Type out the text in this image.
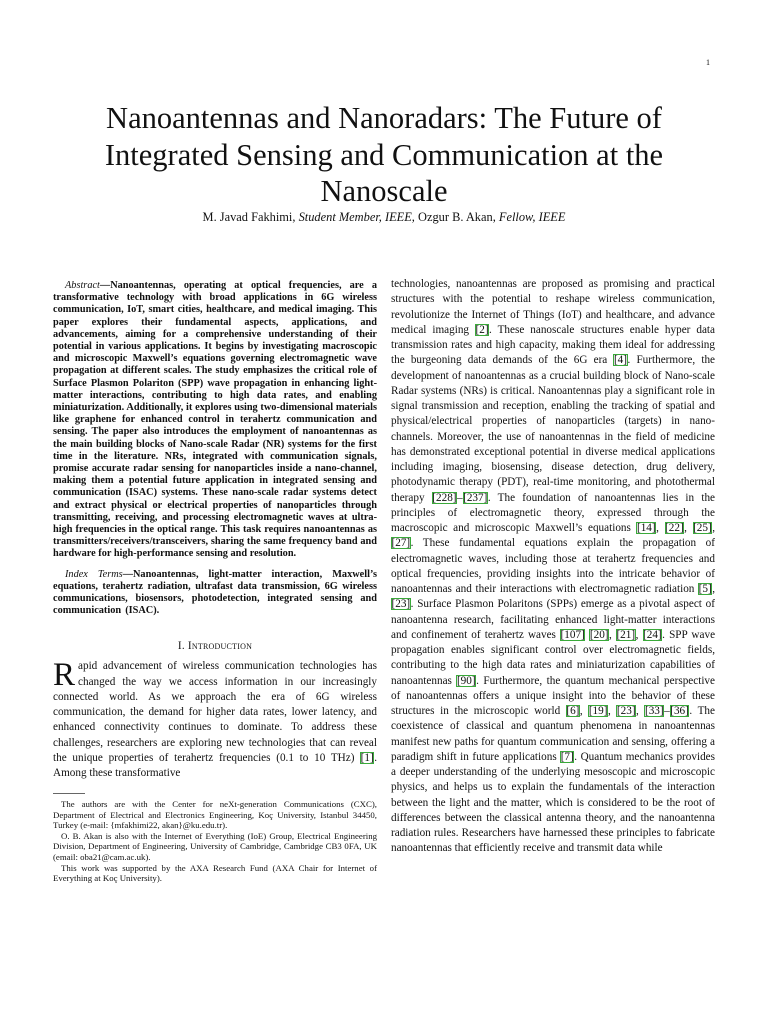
1
Nanoantennas and Nanoradars: The Future of Integrated Sensing and Communication at the Nanoscale
M. Javad Fakhimi, Student Member, IEEE, Ozgur B. Akan, Fellow, IEEE

Abstract—Nanoantennas, operating at optical frequencies, are a transformative technology with broad applications in 6G wireless communication, IoT, smart cities, healthcare, and medical imaging. This paper explores their fundamental aspects, applications, and advancements, aiming for a comprehensive understanding of their potential in various applications. It begins by investigating macroscopic and microscopic Maxwell’s equations governing electromagnetic wave propagation at different scales. The study emphasizes the critical role of Surface Plasmon Polariton (SPP) wave propagation in enhancing light-matter interactions, contributing to high data rates, and enabling miniaturization. Additionally, it explores using two-dimensional materials like graphene for enhanced control in terahertz communication and sensing. The paper also introduces the employment of nanoantennas as the main building blocks of Nano-scale Radar (NR) systems for the first time in the literature. NRs, integrated with communication signals, promise accurate radar sensing for nanoparticles inside a nano-channel, making them a potential future application in integrated sensing and communication (ISAC) systems. These nano-scale radar systems detect and extract physical or electrical properties of nanoparticles through transmitting, receiving, and processing electromagnetic waves at ultra-high frequencies in the optical range. This task requires nanoantennas as transmitters/receivers/transceivers, sharing the same frequency band and hardware for high-performance sensing and resolution.

Index Terms—Nanoantennas, light-matter interaction, Maxwell’s equations, terahertz radiation, ultrafast data transmission, 6G wireless communications, biosensors, photodetection, integrated sensing and communication (ISAC).

I. Introduction

Rapid advancement of wireless communication technologies has changed the way we access information in our increasingly connected world. As we approach the era of 6G wireless communication, the demand for higher data rates, lower latency, and enhanced connectivity continues to dominate. To address these challenges, researchers are exploring new technologies that can reveal the unique properties of terahertz frequencies (0.1 to 10 THz) [1]. Among these transformative

The authors are with the Center for neXt-generation Communications (CXC), Department of Electrical and Electronics Engineering, Koç University, Istanbul 34450, Turkey (e-mail: {mfakhimi22, akan}@ku.edu.tr).

O. B. Akan is also with the Internet of Everything (IoE) Group, Electrical Engineering Division, Department of Engineering, University of Cambridge, Cambridge CB3 0FA, UK (email: oba21@cam.ac.uk).

This work was supported by the AXA Research Fund (AXA Chair for Internet of Everything at Koç University).

technologies, nanoantennas are proposed as promising and practical structures with the potential to reshape wireless communication, revolutionize the Internet of Things (IoT) and healthcare, and advance medical imaging [2]. These nanoscale structures enable hyper data transmission rates and high capacity, making them ideal for addressing the burgeoning data demands of the 6G era [4]. Furthermore, the development of nanoantennas as a crucial building block of Nano-scale Radar systems (NRs) is critical. Nanoantennas play a significant role in signal transmission and reception, enabling the tracking of spatial and physical/electrical properties of nanoparticles (targets) in nano-channels. Moreover, the use of nanoantennas in the field of medicine has demonstrated exceptional potential in diverse medical applications including imaging, biosensing, disease detection, drug delivery, photodynamic therapy (PDT), real-time monitoring, and photothermal therapy [228]–[237]. The foundation of nanoantennas lies in the principles of electromagnetic theory, expressed through the macroscopic and microscopic Maxwell’s equations [14], [22], [25], [27]. These fundamental equations explain the propagation of electromagnetic waves, including those at terahertz frequencies and optical frequencies, providing insights into the intricate behavior of nanoantennas and their interactions with electromagnetic radiation [5], [23]. Surface Plasmon Polaritons (SPPs) emerge as a pivotal aspect of nanoantenna research, facilitating enhanced light-matter interactions and confinement of terahertz waves [107] [20], [21], [24]. SPP wave propagation enables significant control over electromagnetic fields, contributing to the high data rates and miniaturization capabilities of nanoantennas [90]. Furthermore, the quantum mechanical perspective of nanoantennas offers a unique insight into the behavior of these structures in the microscopic world [6], [19], [23], [33]–[36]. The coexistence of classical and quantum phenomena in nanoantennas manifest new paths for quantum communication and sensing, offering a paradigm shift in future applications [7]. Quantum mechanics provides a deeper understanding of the underlying mesoscopic and microscopic physics, and helps us to explain the fundamentals of the interaction between the light and the matter, which is considered to be the root of differences between the classical antenna theory, and the nanoantenna radiation rules. Researchers have harnessed these principles to fabricate nanoantennas that efficiently receive and transmit data while
